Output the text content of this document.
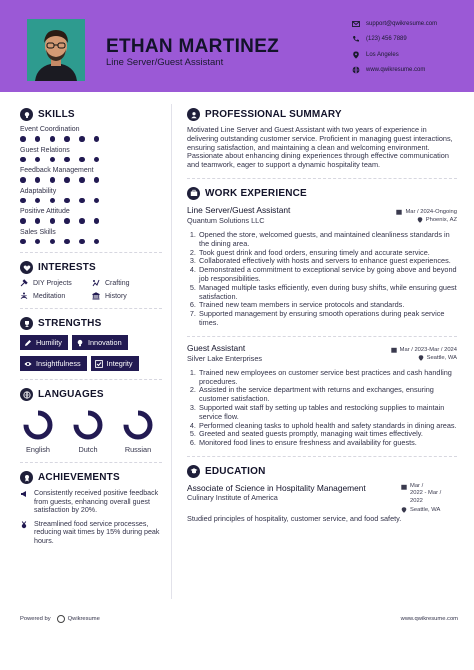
ETHAN MARTINEZ
Line Server/Guest Assistant
support@qwikresume.com
(123) 456 7889
Los Angeles
www.qwikresume.com
SKILLS
Event Coordination
Guest Relations
Feedback Management
Adaptability
Positive Attitude
Sales Skills
INTERESTS
DIY Projects	Crafting
Meditation	History
STRENGTHS
Humility	Innovation
Insightfulness	Integrity
LANGUAGES
English	Dutch	Russian
ACHIEVEMENTS
Consistently received positive feedback from guests, enhancing overall guest satisfaction by 20%.
Streamlined food service processes, reducing wait times by 15% during peak hours.
PROFESSIONAL SUMMARY
Motivated Line Server and Guest Assistant with two years of experience in delivering outstanding customer service. Proficient in managing guest interactions, ensuring satisfaction, and maintaining a clean and welcoming environment. Passionate about enhancing dining experiences through effective communication and teamwork, eager to support a dynamic hospitality team.
WORK EXPERIENCE
Line Server/Guest Assistant	Mar / 2024-Ongoing
Quantum Solutions LLC	Phoenix, AZ
1. Opened the store, welcomed guests, and maintained cleanliness standards in the dining area.
2. Took guest drink and food orders, ensuring timely and accurate service.
3. Collaborated effectively with hosts and servers to enhance guest experiences.
4. Demonstrated a commitment to exceptional service by going above and beyond job responsibilities.
5. Managed multiple tasks efficiently, even during busy shifts, while ensuring guest satisfaction.
6. Trained new team members in service protocols and standards.
7. Supported management by ensuring smooth operations during peak service times.
Guest Assistant	Mar / 2023-Mar / 2024
Silver Lake Enterprises	Seattle, WA
1. Trained new employees on customer service best practices and cash handling procedures.
2. Assisted in the service department with returns and exchanges, ensuring customer satisfaction.
3. Supported wait staff by setting up tables and restocking supplies to maintain service flow.
4. Performed cleaning tasks to uphold health and safety standards in dining areas.
5. Greeted and seated guests promptly, managing wait times effectively.
6. Monitored food lines to ensure freshness and availability for guests.
EDUCATION
Associate of Science in Hospitality Management
Culinary Institute of America
Mar /
2022 - Mar /
2022
Seattle, WA
Studied principles of hospitality, customer service, and food safety.
Powered by	Qwikresume	www.qwikresume.com
